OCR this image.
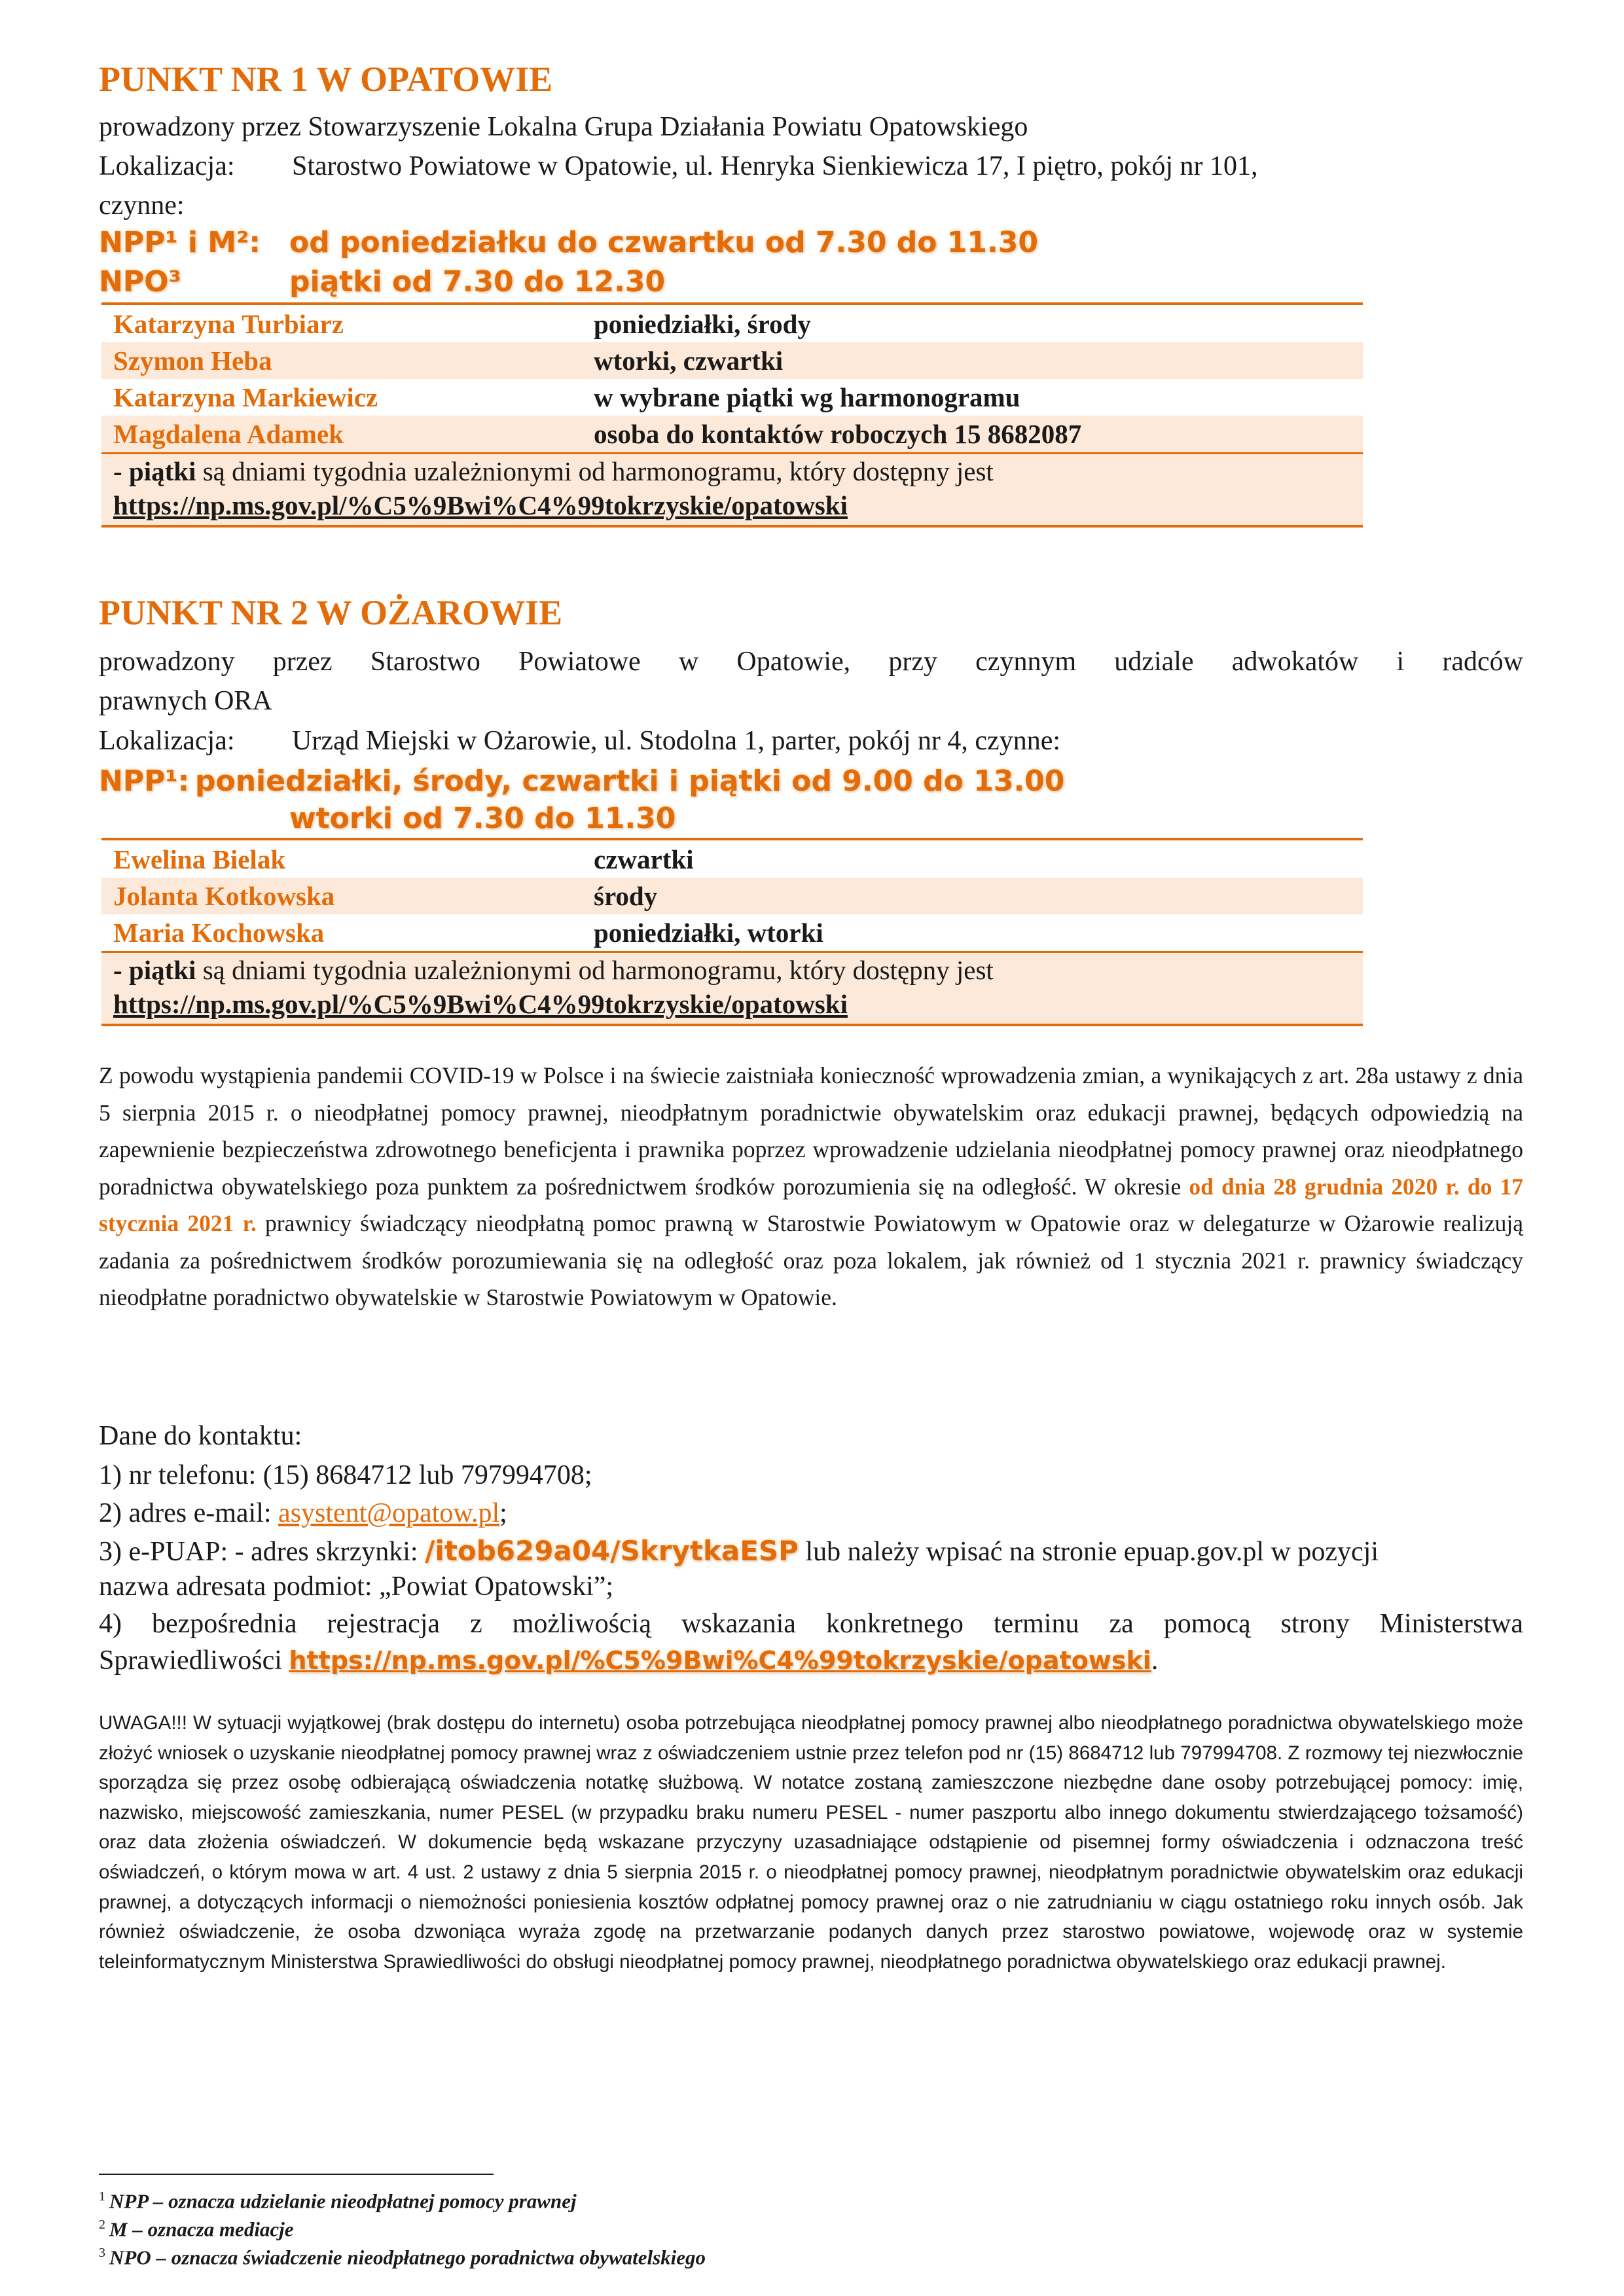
PUNKT NR 1 W OPATOWIE
prowadzony przez Stowarzyszenie Lokalna Grupa Działania Powiatu Opatowskiego
Lokalizacja: Starostwo Powiatowe w Opatowie, ul. Henryka Sienkiewicza 17, I piętro, pokój nr 101,
czynne:
NPP¹ i M²: od poniedziałku do czwartku od 7.30 do 11.30
NPO³	piątki od 7.30 do 12.30
Katarzyna Turbiarz	poniedziałki, środy
Szymon Heba	wtorki, czwartki
Katarzyna Markiewicz	w wybrane piątki wg harmonogramu
Magdalena Adamek	osoba do kontaktów roboczych 15 8682087
- piątki są dniami tygodnia uzależnionymi od harmonogramu, który dostępny jest
https://np.ms.gov.pl/%C5%9Bwi%C4%99tokrzyskie/opatowski
PUNKT NR 2 W OŻAROWIE
prowadzony przez Starostwo Powiatowe w Opatowie, przy czynnym udziale adwokatów i radców
prawnych ORA
Lokalizacja: Urząd Miejski w Ożarowie, ul. Stodolna 1, parter, pokój nr 4, czynne:
NPP¹: poniedziałki, środy, czwartki i piątki od 9.00 do 13.00
wtorki od 7.30 do 11.30
Ewelina Bielak	czwartki
Jolanta Kotkowska	środy
Maria Kochowska	poniedziałki, wtorki
- piątki są dniami tygodnia uzależnionymi od harmonogramu, który dostępny jest
https://np.ms.gov.pl/%C5%9Bwi%C4%99tokrzyskie/opatowski
Z powodu wystąpienia pandemii COVID-19 w Polsce i na świecie zaistniała konieczność wprowadzenia zmian, a wynikających z art. 28a ustawy z dnia 5 sierpnia 2015 r. o nieodpłatnej pomocy prawnej, nieodpłatnym poradnictwie obywatelskim oraz edukacji prawnej, będących odpowiedzią na zapewnienie bezpieczeństwa zdrowotnego beneficjenta i prawnika poprzez wprowadzenie udzielania nieodpłatnej pomocy prawnej oraz nieodpłatnego poradnictwa obywatelskiego poza punktem za pośrednictwem środków porozumienia się na odległość. W okresie od dnia 28 grudnia 2020 r. do 17 stycznia 2021 r. prawnicy świadczący nieodpłatną pomoc prawną w Starostwie Powiatowym w Opatowie oraz w delegaturze w Ożarowie realizują zadania za pośrednictwem środków porozumiewania się na odległość oraz poza lokalem, jak również od 1 stycznia 2021 r. prawnicy świadczący nieodpłatne poradnictwo obywatelskie w Starostwie Powiatowym w Opatowie.
Dane do kontaktu:
1) nr telefonu: (15) 8684712 lub 797994708;
2) adres e-mail: asystent@opatow.pl;
3) e-PUAP: - adres skrzynki: /itob629a04/SkrytkaESP lub należy wpisać na stronie epuap.gov.pl w pozycji
nazwa adresata podmiot: „Powiat Opatowski”;
4) bezpośrednia rejestracja z możliwością wskazania konkretnego terminu za pomocą strony Ministerstwa
Sprawiedliwości https://np.ms.gov.pl/%C5%9Bwi%C4%99tokrzyskie/opatowski.
UWAGA!!! W sytuacji wyjątkowej (brak dostępu do internetu) osoba potrzebująca nieodpłatnej pomocy prawnej albo nieodpłatnego poradnictwa obywatelskiego może złożyć wniosek o uzyskanie nieodpłatnej pomocy prawnej wraz z oświadczeniem ustnie przez telefon pod nr (15) 8684712 lub 797994708. Z rozmowy tej niezwłocznie sporządza się przez osobę odbierającą oświadczenia notatkę służbową. W notatce zostaną zamieszczone niezbędne dane osoby potrzebującej pomocy: imię, nazwisko, miejscowość zamieszkania, numer PESEL (w przypadku braku numeru PESEL - numer paszportu albo innego dokumentu stwierdzającego tożsamość) oraz data złożenia oświadczeń. W dokumencie będą wskazane przyczyny uzasadniające odstąpienie od pisemnej formy oświadczenia i odznaczona treść oświadczeń, o którym mowa w art. 4 ust. 2 ustawy z dnia 5 sierpnia 2015 r. o nieodpłatnej pomocy prawnej, nieodpłatnym poradnictwie obywatelskim oraz edukacji prawnej, a dotyczących informacji o niemożności poniesienia kosztów odpłatnej pomocy prawnej oraz o nie zatrudnianiu w ciągu ostatniego roku innych osób. Jak również oświadczenie, że osoba dzwoniąca wyraża zgodę na przetwarzanie podanych danych przez starostwo powiatowe, wojewodę oraz w systemie teleinformatycznym Ministerstwa Sprawiedliwości do obsługi nieodpłatnej pomocy prawnej, nieodpłatnego poradnictwa obywatelskiego oraz edukacji prawnej.
$^1$ NPP – oznacza udzielanie nieodpłatnej pomocy prawnej
$^2$ M – oznacza mediacje
$^3$ NPO – oznacza świadczenie nieodpłatnego poradnictwa obywatelskiego
